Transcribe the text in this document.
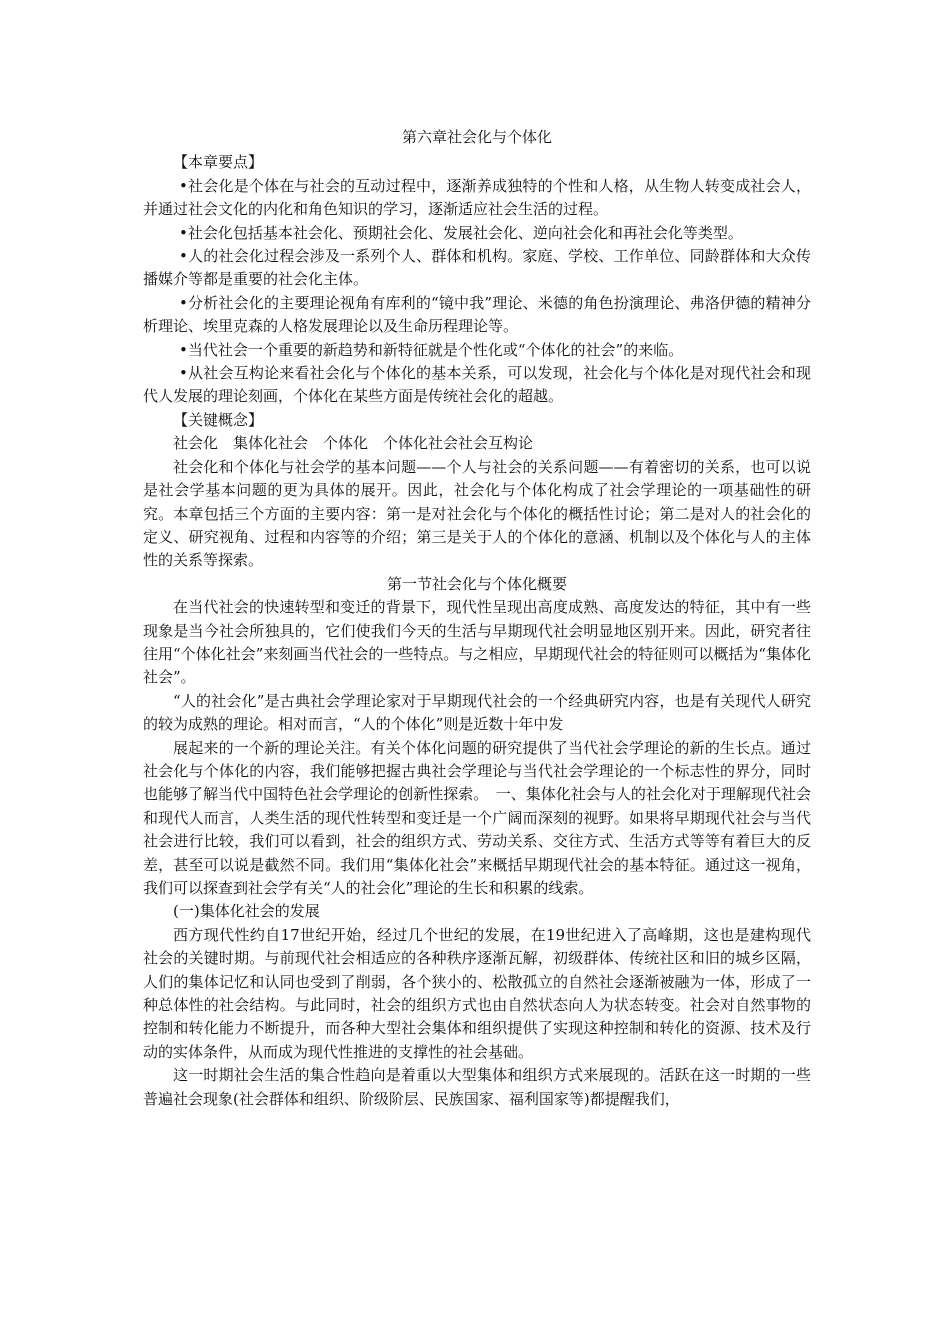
第六章社会化与个体化

【本章要点】

•社会化是个体在与社会的互动过程中，逐渐养成独特的个性和人格，从生物人转变成社会人，并通过社会文化的内化和角色知识的学习，逐渐适应社会生活的过程。

•社会化包括基本社会化、预期社会化、发展社会化、逆向社会化和再社会化等类型。

•人的社会化过程会涉及一系列个人、群体和机构。家庭、学校、工作单位、同龄群体和大众传播媒介等都是重要的社会化主体。

•分析社会化的主要理论视角有库利的“镜中我”理论、米德的角色扮演理论、弗洛伊德的精神分析理论、埃里克森的人格发展理论以及生命历程理论等。

•当代社会一个重要的新趋势和新特征就是个性化或“个体化的社会”的来临。

•从社会互构论来看社会化与个体化的基本关系，可以发现，社会化与个体化是对现代社会和现代人发展的理论刻画，个体化在某些方面是传统社会化的超越。

【关键概念】

社会化　集体化社会　个体化　个体化社会社会互构论

社会化和个体化与社会学的基本问题——个人与社会的关系问题——有着密切的关系，也可以说是社会学基本问题的更为具体的展开。因此，社会化与个体化构成了社会学理论的一项基础性的研究。本章包括三个方面的主要内容：第一是对社会化与个体化的概括性讨论；第二是对人的社会化的定义、研究视角、过程和内容等的介绍；第三是关于人的个体化的意涵、机制以及个体化与人的主体性的关系等探索。

第一节社会化与个体化概要

在当代社会的快速转型和变迁的背景下，现代性呈现出高度成熟、高度发达的特征，其中有一些现象是当今社会所独具的，它们使我们今天的生活与早期现代社会明显地区别开来。因此，研究者往往用“个体化社会”来刻画当代社会的一些特点。与之相应，早期现代社会的特征则可以概括为“集体化社会”。

“人的社会化”是古典社会学理论家对于早期现代社会的一个经典研究内容，也是有关现代人研究的较为成熟的理论。相对而言，“人的个体化”则是近数十年中发

展起来的一个新的理论关注。有关个体化问题的研究提供了当代社会学理论的新的生长点。通过社会化与个体化的内容，我们能够把握古典社会学理论与当代社会学理论的一个标志性的界分，同时也能够了解当代中国特色社会学理论的创新性探索。　一、集体化社会与人的社会化对于理解现代社会和现代人而言，人类生活的现代性转型和变迁是一个广阔而深刻的视野。如果将早期现代社会与当代社会进行比较，我们可以看到，社会的组织方式、劳动关系、交往方式、生活方式等等有着巨大的反差，甚至可以说是截然不同。我们用“集体化社会”来概括早期现代社会的基本特征。通过这一视角，我们可以探查到社会学有关“人的社会化”理论的生长和积累的线索。

(一)集体化社会的发展

西方现代性约自17世纪开始，经过几个世纪的发展，在19世纪进入了高峰期，这也是建构现代社会的关键时期。与前现代社会相适应的各种秩序逐渐瓦解，初级群体、传统社区和旧的城乡区隔，人们的集体记忆和认同也受到了削弱，各个狭小的、松散孤立的自然社会逐渐被融为一体，形成了一种总体性的社会结构。与此同时，社会的组织方式也由自然状态向人为状态转变。社会对自然事物的控制和转化能力不断提升，而各种大型社会集体和组织提供了实现这种控制和转化的资源、技术及行动的实体条件，从而成为现代性推进的支撑性的社会基础。

这一时期社会生活的集合性趋向是着重以大型集体和组织方式来展现的。活跃在这一时期的一些普遍社会现象(社会群体和组织、阶级阶层、民族国家、福利国家等)都提醒我们，
